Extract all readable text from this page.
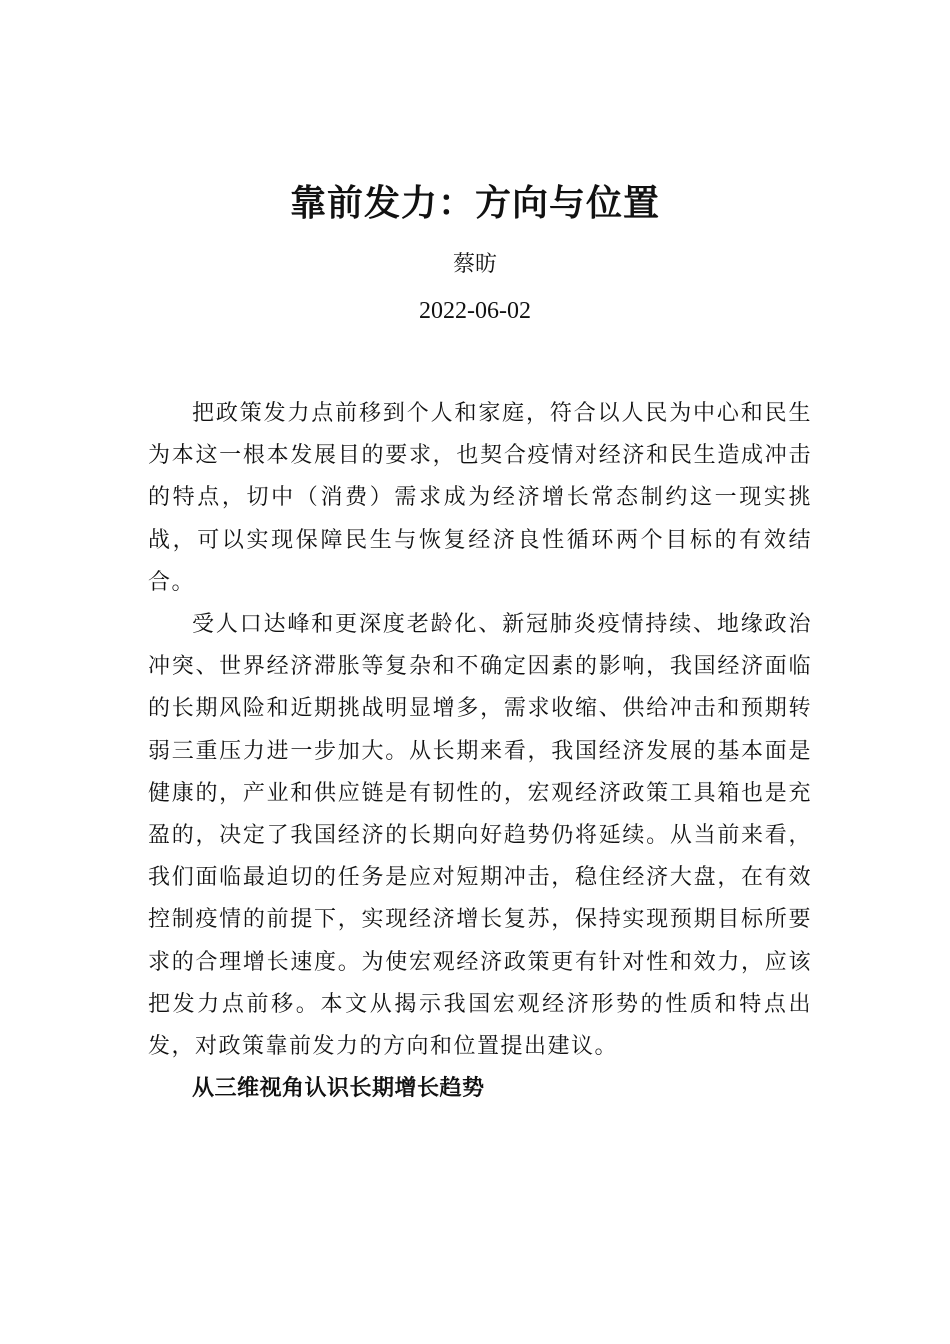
靠前发力：方向与位置
蔡昉
2022-06-02

把政策发力点前移到个人和家庭，符合以人民为中心和民生为本这一根本发展目的要求，也契合疫情对经济和民生造成冲击的特点，切中（消费）需求成为经济增长常态制约这一现实挑战，可以实现保障民生与恢复经济良性循环两个目标的有效结合。

受人口达峰和更深度老龄化、新冠肺炎疫情持续、地缘政治冲突、世界经济滞胀等复杂和不确定因素的影响，我国经济面临的长期风险和近期挑战明显增多，需求收缩、供给冲击和预期转弱三重压力进一步加大。从长期来看，我国经济发展的基本面是健康的，产业和供应链是有韧性的，宏观经济政策工具箱也是充盈的，决定了我国经济的长期向好趋势仍将延续。从当前来看，我们面临最迫切的任务是应对短期冲击，稳住经济大盘，在有效控制疫情的前提下，实现经济增长复苏，保持实现预期目标所要求的合理增长速度。为使宏观经济政策更有针对性和效力，应该把发力点前移。本文从揭示我国宏观经济形势的性质和特点出发，对政策靠前发力的方向和位置提出建议。

从三维视角认识长期增长趋势
